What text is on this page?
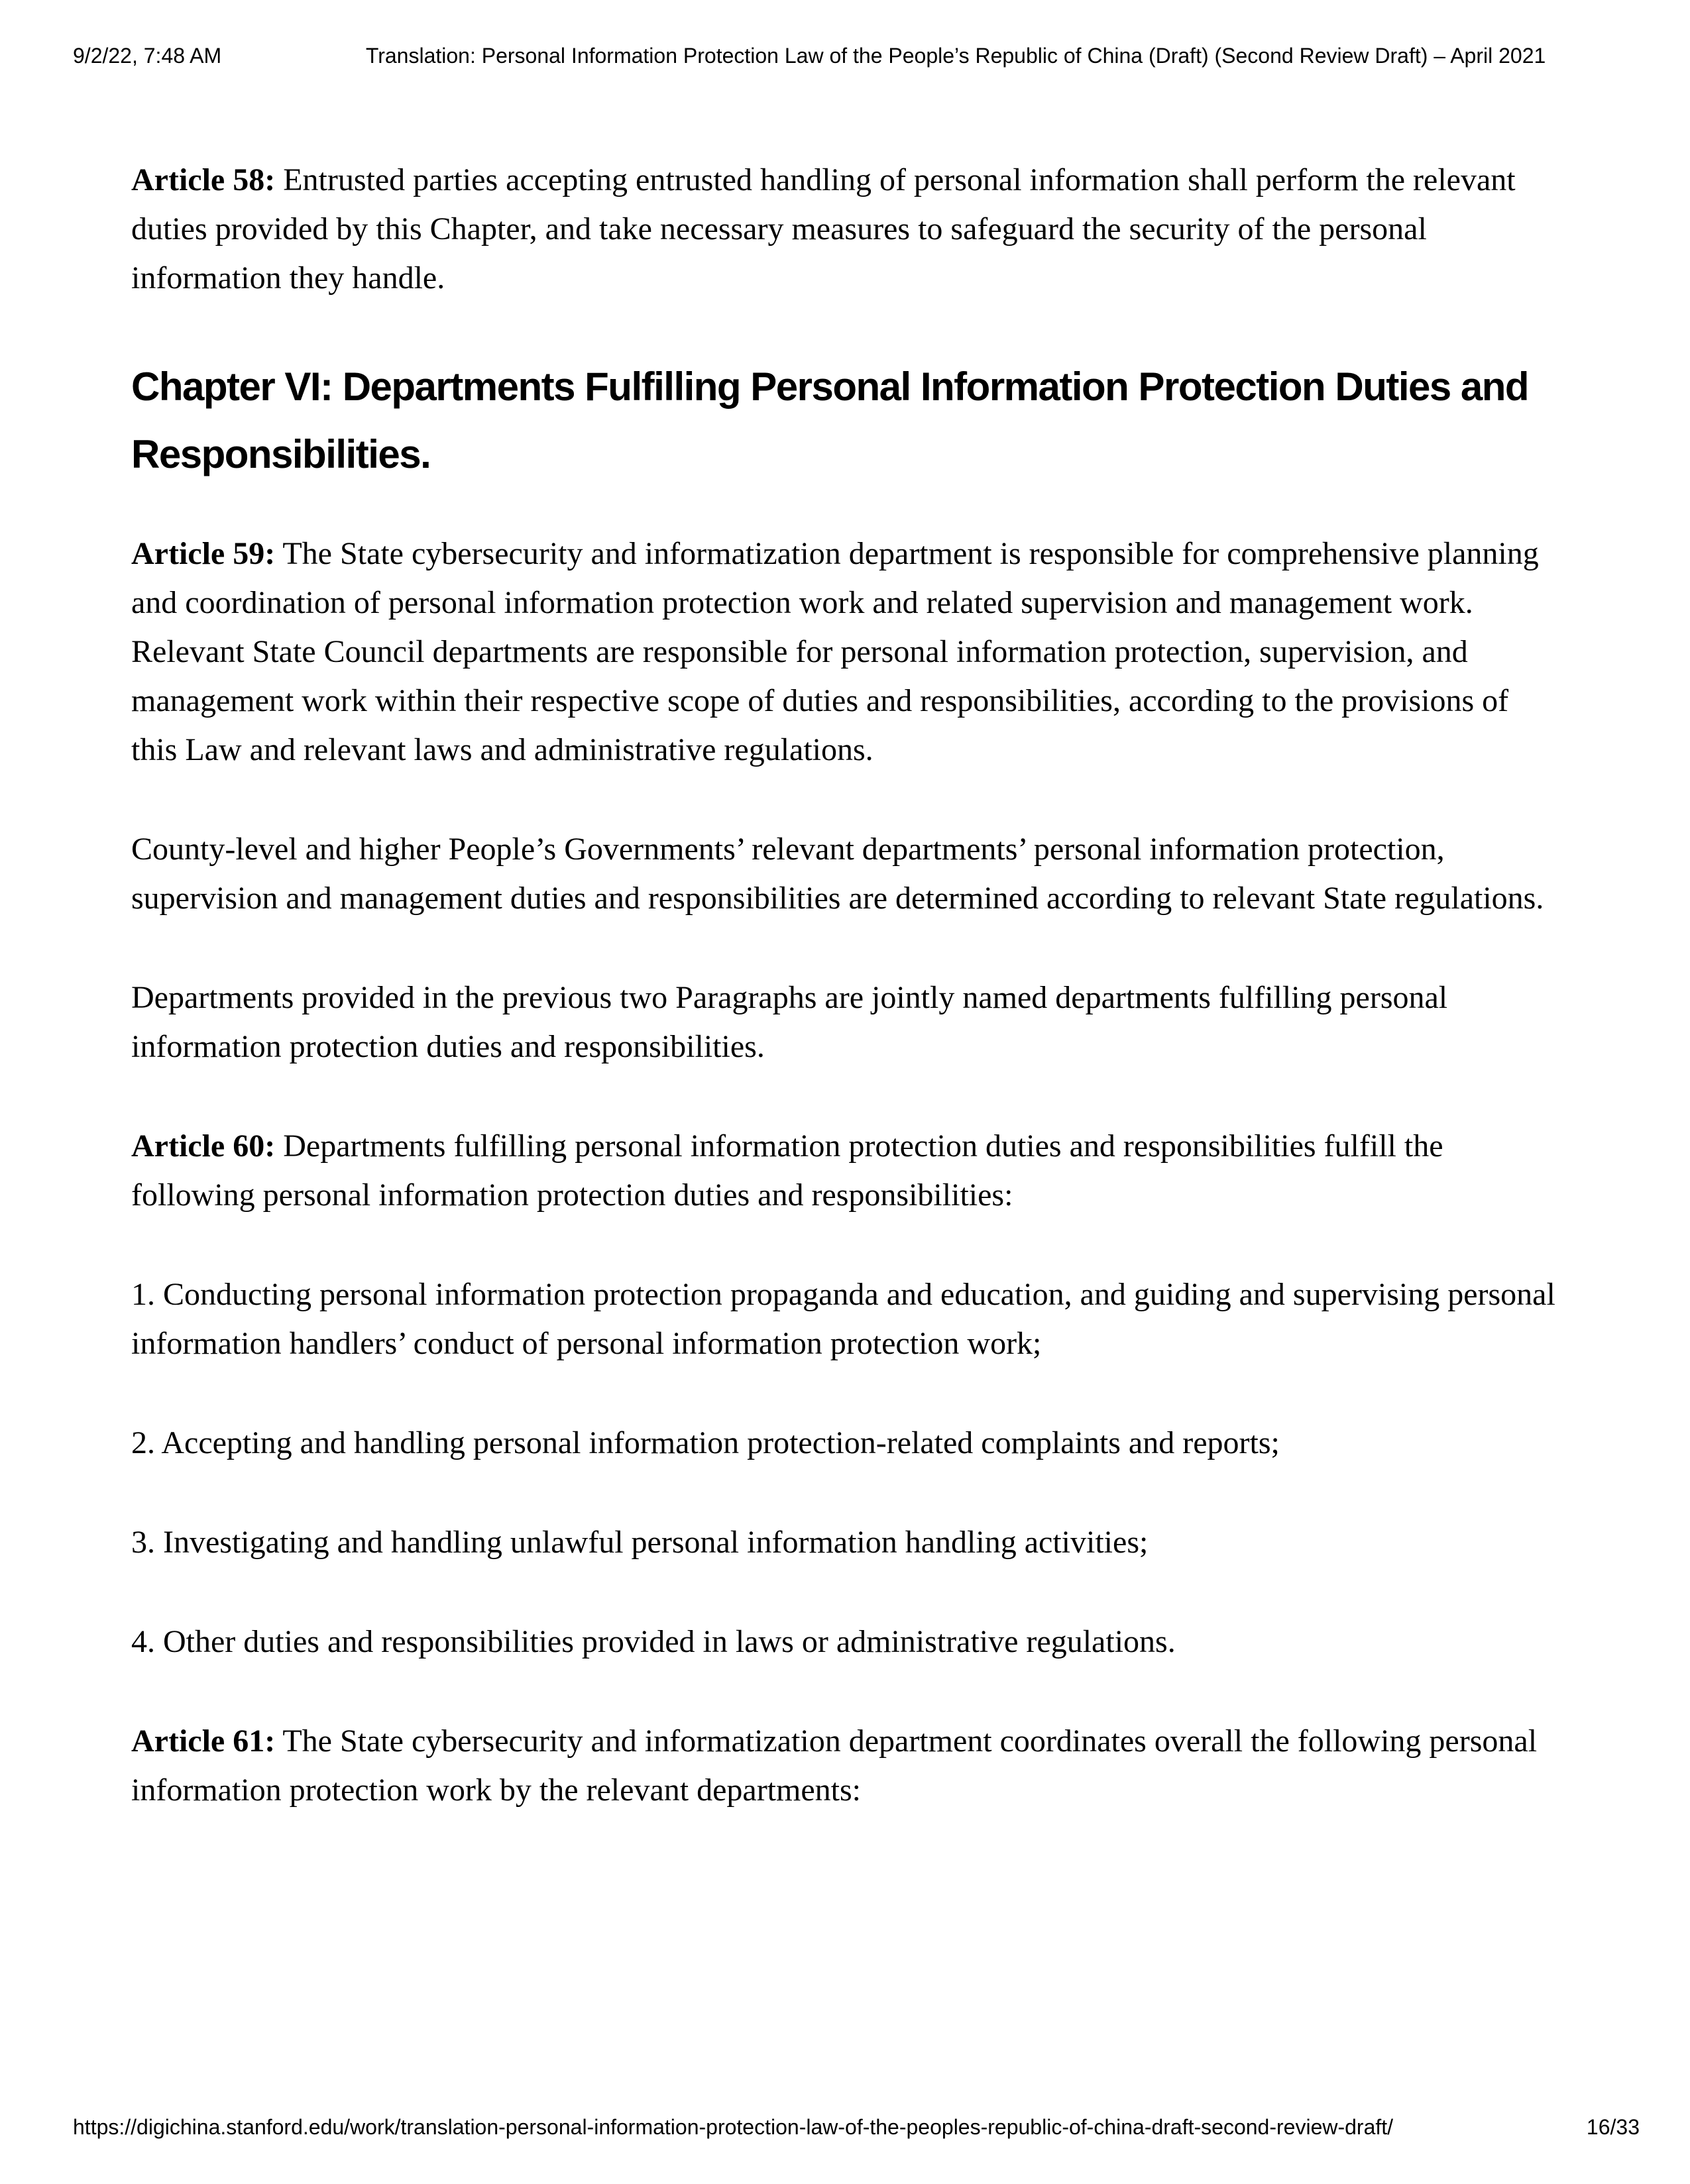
9/2/22, 7:48 AM	Translation: Personal Information Protection Law of the People’s Republic of China (Draft) (Second Review Draft) – April 2021

Article 58: Entrusted parties accepting entrusted handling of personal information shall perform the relevant duties provided by this Chapter, and take necessary measures to safeguard the security of the personal information they handle.

Chapter VI: Departments Fulfilling Personal Information Protection Duties and Responsibilities.

Article 59: The State cybersecurity and informatization department is responsible for comprehensive planning and coordination of personal information protection work and related supervision and management work. Relevant State Council departments are responsible for personal information protection, supervision, and management work within their respective scope of duties and responsibilities, according to the provisions of this Law and relevant laws and administrative regulations.

County-level and higher People’s Governments’ relevant departments’ personal information protection, supervision and management duties and responsibilities are determined according to relevant State regulations.

Departments provided in the previous two Paragraphs are jointly named departments fulfilling personal information protection duties and responsibilities.

Article 60: Departments fulfilling personal information protection duties and responsibilities fulfill the following personal information protection duties and responsibilities:

1. Conducting personal information protection propaganda and education, and guiding and supervising personal information handlers’ conduct of personal information protection work;

2. Accepting and handling personal information protection-related complaints and reports;

3. Investigating and handling unlawful personal information handling activities;

4. Other duties and responsibilities provided in laws or administrative regulations.

Article 61: The State cybersecurity and informatization department coordinates overall the following personal information protection work by the relevant departments:

https://digichina.stanford.edu/work/translation-personal-information-protection-law-of-the-peoples-republic-of-china-draft-second-review-draft/	16/33
